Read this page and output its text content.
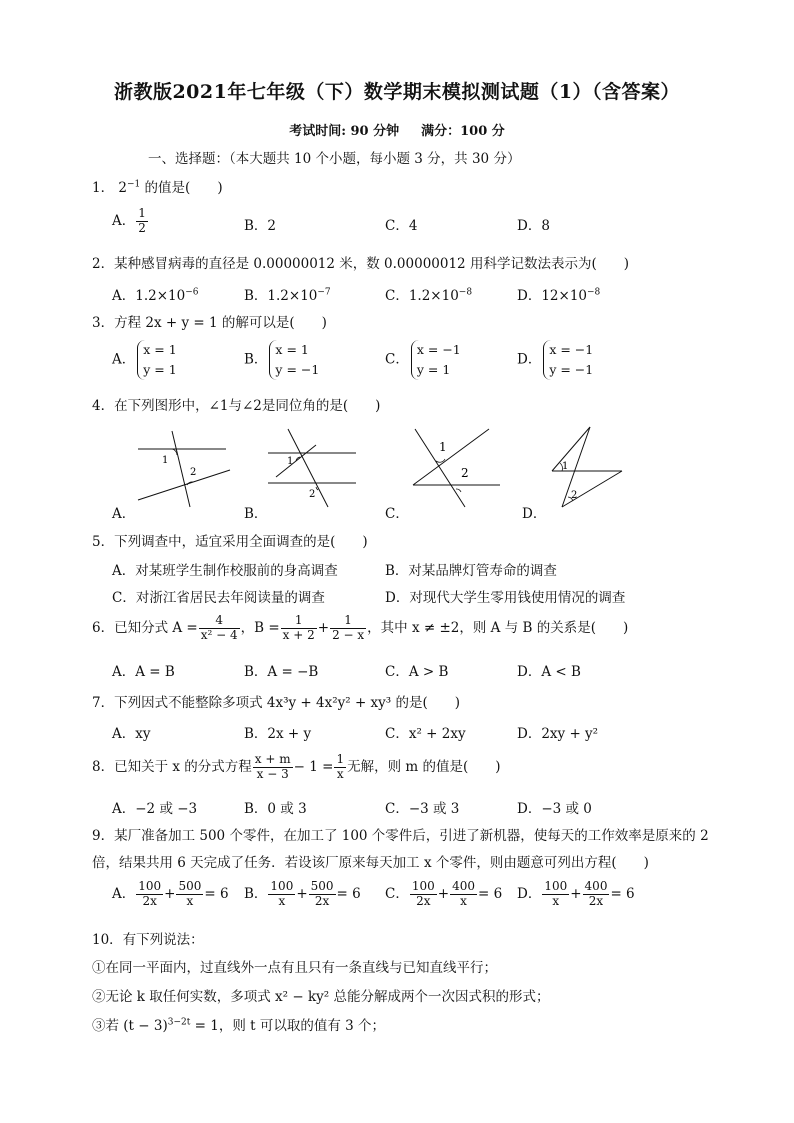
浙教版2021年七年级（下）数学期末模拟测试题（1）（含答案）
考试时间: 90 分钟 满分：100 分
一、选择题：（本大题共 10 个小题，每小题 3 分，共 30 分）
1． $2^{-1}$ 的值是(　　)
A． $\frac{1}{2}$	B．2	C．4	D．8
2．某种感冒病毒的直径是 0.00000012 米，数 0.00000012 用科学记数法表示为(　　)
A．$1.2\times 10^{-6}$	B．$1.2\times 10^{-7}$	C．$1.2\times 10^{-8}$	D．$12\times 10^{-8}$
3．方程 2x + y = 1 的解可以是(　　)
A．
x = 1
y = 1
B．
x = 1
y = −1
C．
x = −1
y = 1
D．
x = −1
y = −1
4．在下列图形中，∠1与∠2是同位角的是(　　)
1
2
A．
1
2
B．
1
2
C．
1
2
D．
5．下列调查中，适宜采用全面调查的是(　　)
A．对某班学生制作校服前的身高调查	B．对某品牌灯管寿命的调查
C．对浙江省居民去年阅读量的调查	D．对现代大学生零用钱使用情况的调查
6．已知分式 $A = \frac{4}{\text{x² − 4}}$ ，$B = \frac{1}{x + 2} + \frac{1}{2 - x}$ ，其中 x ≠ ±2，则 A 与 B 的关系是(　　)
A．A = B	B．A = −B	C．A > B	D．A < B
7．下列因式不能整除多项式 4x³y + 4x²y² + xy³ 的是(　　)
A．xy	B．2x + y	C．x² + 2xy	D．2xy + y²
8．已知关于 x 的分式方程 $\frac{x + m}{x - 3} - 1 = \frac{1}{x}$ 无解，则 m 的值是(　　)
A．−2 或 −3	B．0 或 3	C．−3 或 3	D．−3 或 0
9．某厂准备加工 500 个零件，在加工了 100 个零件后，引进了新机器，使每天的工作效率是原来的 2
倍，结果共用 6 天完成了任务．若设该厂原来每天加工 x 个零件，则由题意可列出方程(　　)
A． $\frac{100}{2x} + \frac{500}{x} = 6$ B． $\frac{100}{x} + \frac{500}{2x} = 6$ C． $\frac{100}{2x} + \frac{400}{x} = 6$ D． $\frac{100}{x} + \frac{400}{2x} = 6$
10．有下列说法：
①在同一平面内，过直线外一点有且只有一条直线与已知直线平行；
②无论 k 取任何实数，多项式 x² − ky² 总能分解成两个一次因式积的形式；
③若 $(t - 3)^{3-2t} = 1$，则 t 可以取的值有 3 个；
